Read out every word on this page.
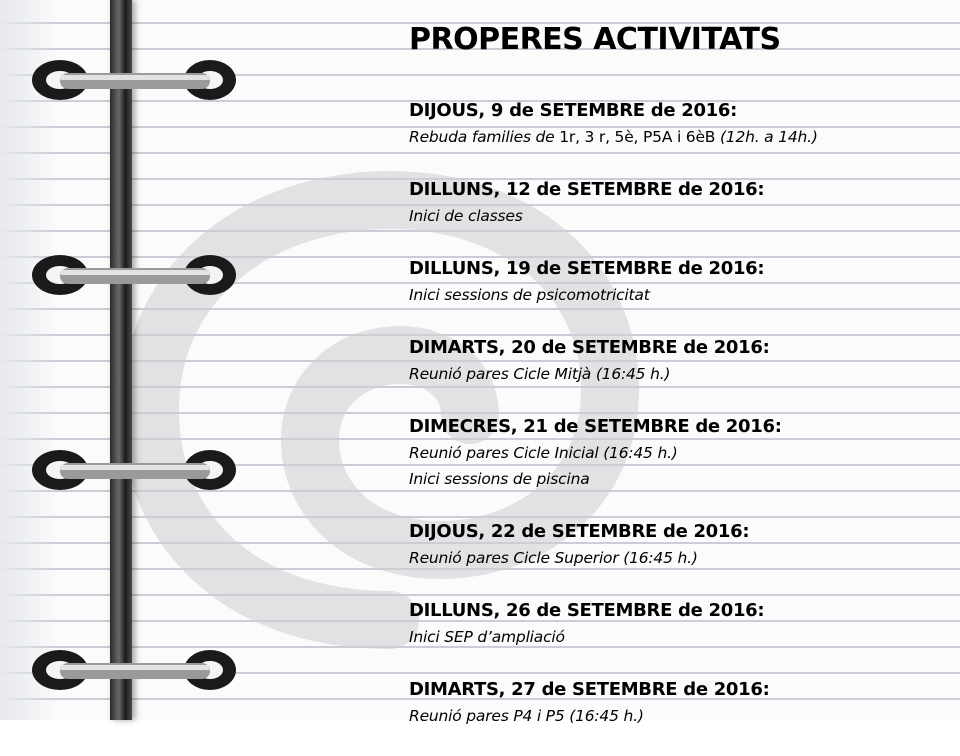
PROPERES ACTIVITATS
DIJOUS, 9 de SETEMBRE de 2016:
Rebuda families de 1r, 3 r, 5è, P5A i 6èB (12h. a 14h.)
DILLUNS, 12 de SETEMBRE de 2016:
Inici de classes
DILLUNS, 19 de SETEMBRE de 2016:
Inici sessions de psicomotricitat
DIMARTS, 20 de SETEMBRE de 2016:
Reunió pares Cicle Mitjà (16:45 h.)
DIMECRES, 21 de SETEMBRE de 2016:
Reunió pares Cicle Inicial (16:45 h.)
Inici sessions de piscina
DIJOUS, 22 de SETEMBRE de 2016:
Reunió pares Cicle Superior (16:45 h.)
DILLUNS, 26 de SETEMBRE de 2016:
Inici SEP d’ampliació
DIMARTS, 27 de SETEMBRE de 2016:
Reunió pares P4 i P5 (16:45 h.)
